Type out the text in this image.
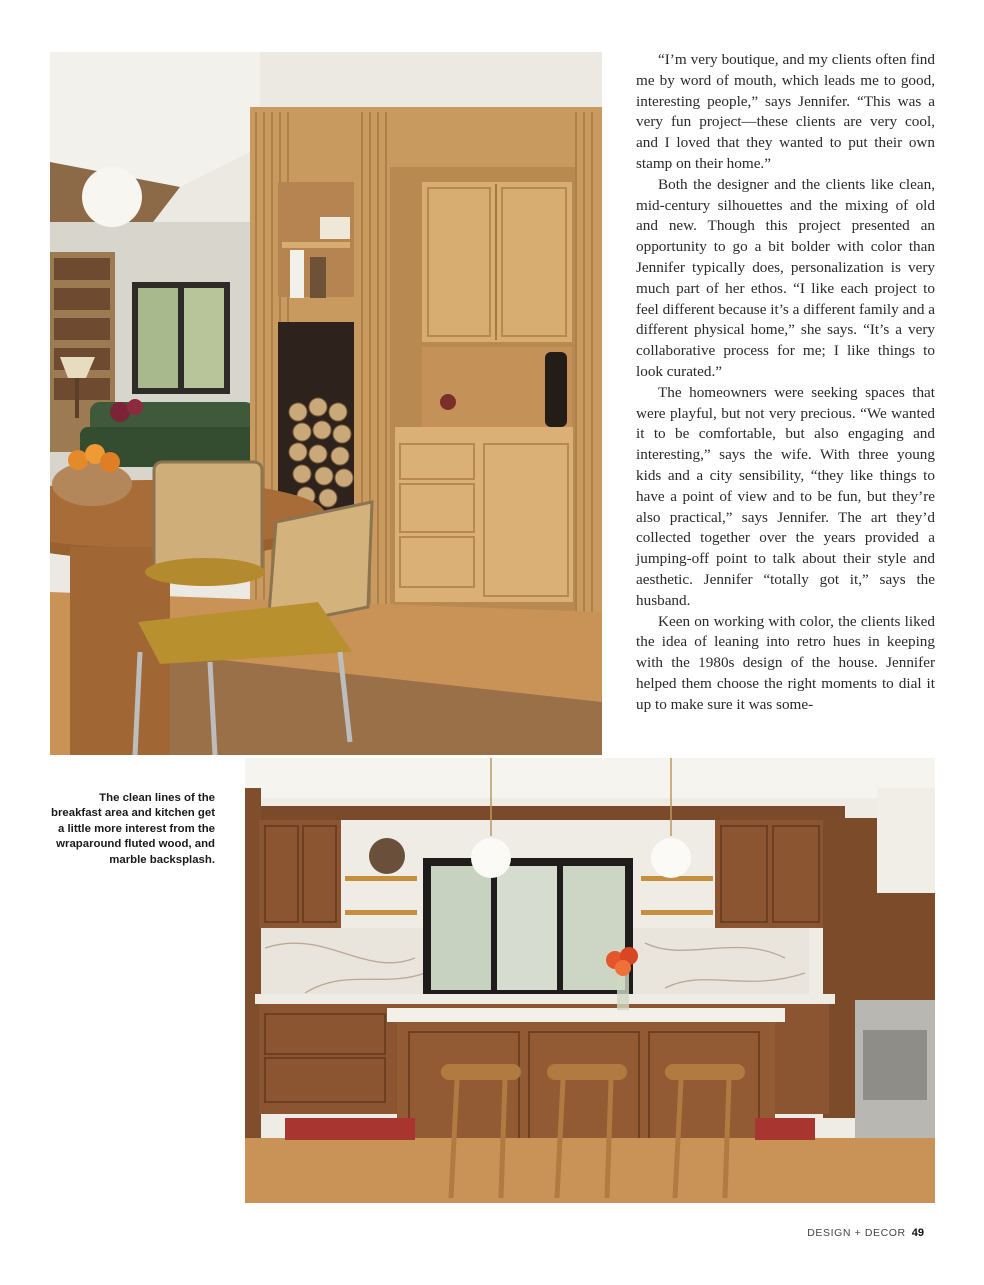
“I’m very boutique, and my clients often find me by word of mouth, which leads me to good, interesting people,” says Jennifer. “This was a very fun project—these clients are very cool, and I loved that they wanted to put their own stamp on their home.”

Both the designer and the clients like clean, mid-century silhouettes and the mixing of old and new. Though this project presented an opportunity to go a bit bolder with color than Jennifer typically does, personalization is very much part of her ethos. “I like each project to feel different because it’s a different family and a different physical home,” she says. “It’s a very collaborative process for me; I like things to look curated.”

The homeowners were seeking spaces that were playful, but not very precious. “We wanted it to be comfortable, but also engaging and interesting,” says the wife. With three young kids and a city sensibility, “they like things to have a point of view and to be fun, but they’re also practical,” says Jennifer. The art they’d collected together over the years provided a jumping-off point to talk about their style and aesthetic. Jennifer “totally got it,” says the husband.

Keen on working with color, the clients liked the idea of leaning into retro hues in keeping with the 1980s design of the house. Jennifer helped them choose the right moments to dial it up to make sure it was some-

The clean lines of the breakfast area and kitchen get a little more interest from the wraparound fluted wood, and marble backsplash.
DESIGN + DECOR 49
